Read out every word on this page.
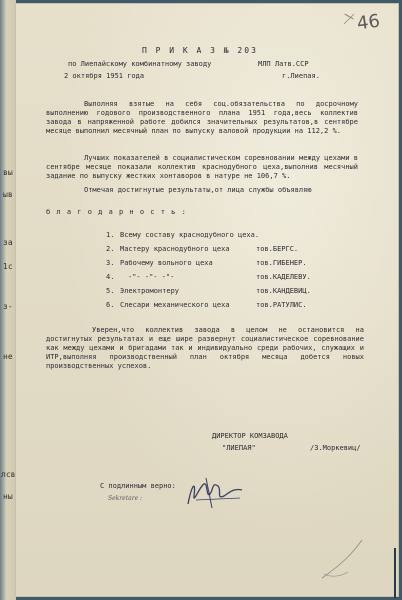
вы
ыв
за
1с
з-
не
лсв
ны
46
П Р И К А З № 203
по Лиепайскому комбинатному заводу	МЛП Латв.ССР
2 октября 1951 года	г.Лиепая.
Выполняя взятые на себя соц.обязательства по досрочному выполнению годового производственного плана 1951 года,весь коллектив завода в напряженной работе добился значительных результатов,в сентябре месяце выполнил месячный план по выпуску валовой продукции на 112,2 %.
Лучших показателей в социалистическом соревновании между цехами в сентябре месяце показали коллектив краснодубного цеха,выполнив месячный задание по выпуску жестких хонтаворов в натуре не 106,7 %.
Отмечая достигнутые результаты,от лица службы объявляю
б л а г о д а р н о с т ь :
1. Всему составу краснодубного цеха.
2. Мастеру краснодубного цеха	тов.БЕРГС.
3. Рабочему вольного цеха	тов.ГИБЕНЕР.
4. -"- -"- -"-	тов.КАДЕЛЕВУ.
5. Электромонтеру	тов.КАНДЕВИЦ.
6. Слесари механического цеха	тов.РАТУЛИС.
Уверен,что коллектив завода в целом не остановится на достигнутых результатах и еще шире развернут социалистическое соревнование как между цехами и бригадами так и индивидуально среди рабочих, служащих и ИТР,выполняя производственный план октября месяца добется новых производственных успехов.
ДИРЕКТОР КОМЗАВОДА
"ЛИЕПАЯ"	/З.Моркевиц/
С подлинным верно:
Sekretare :
